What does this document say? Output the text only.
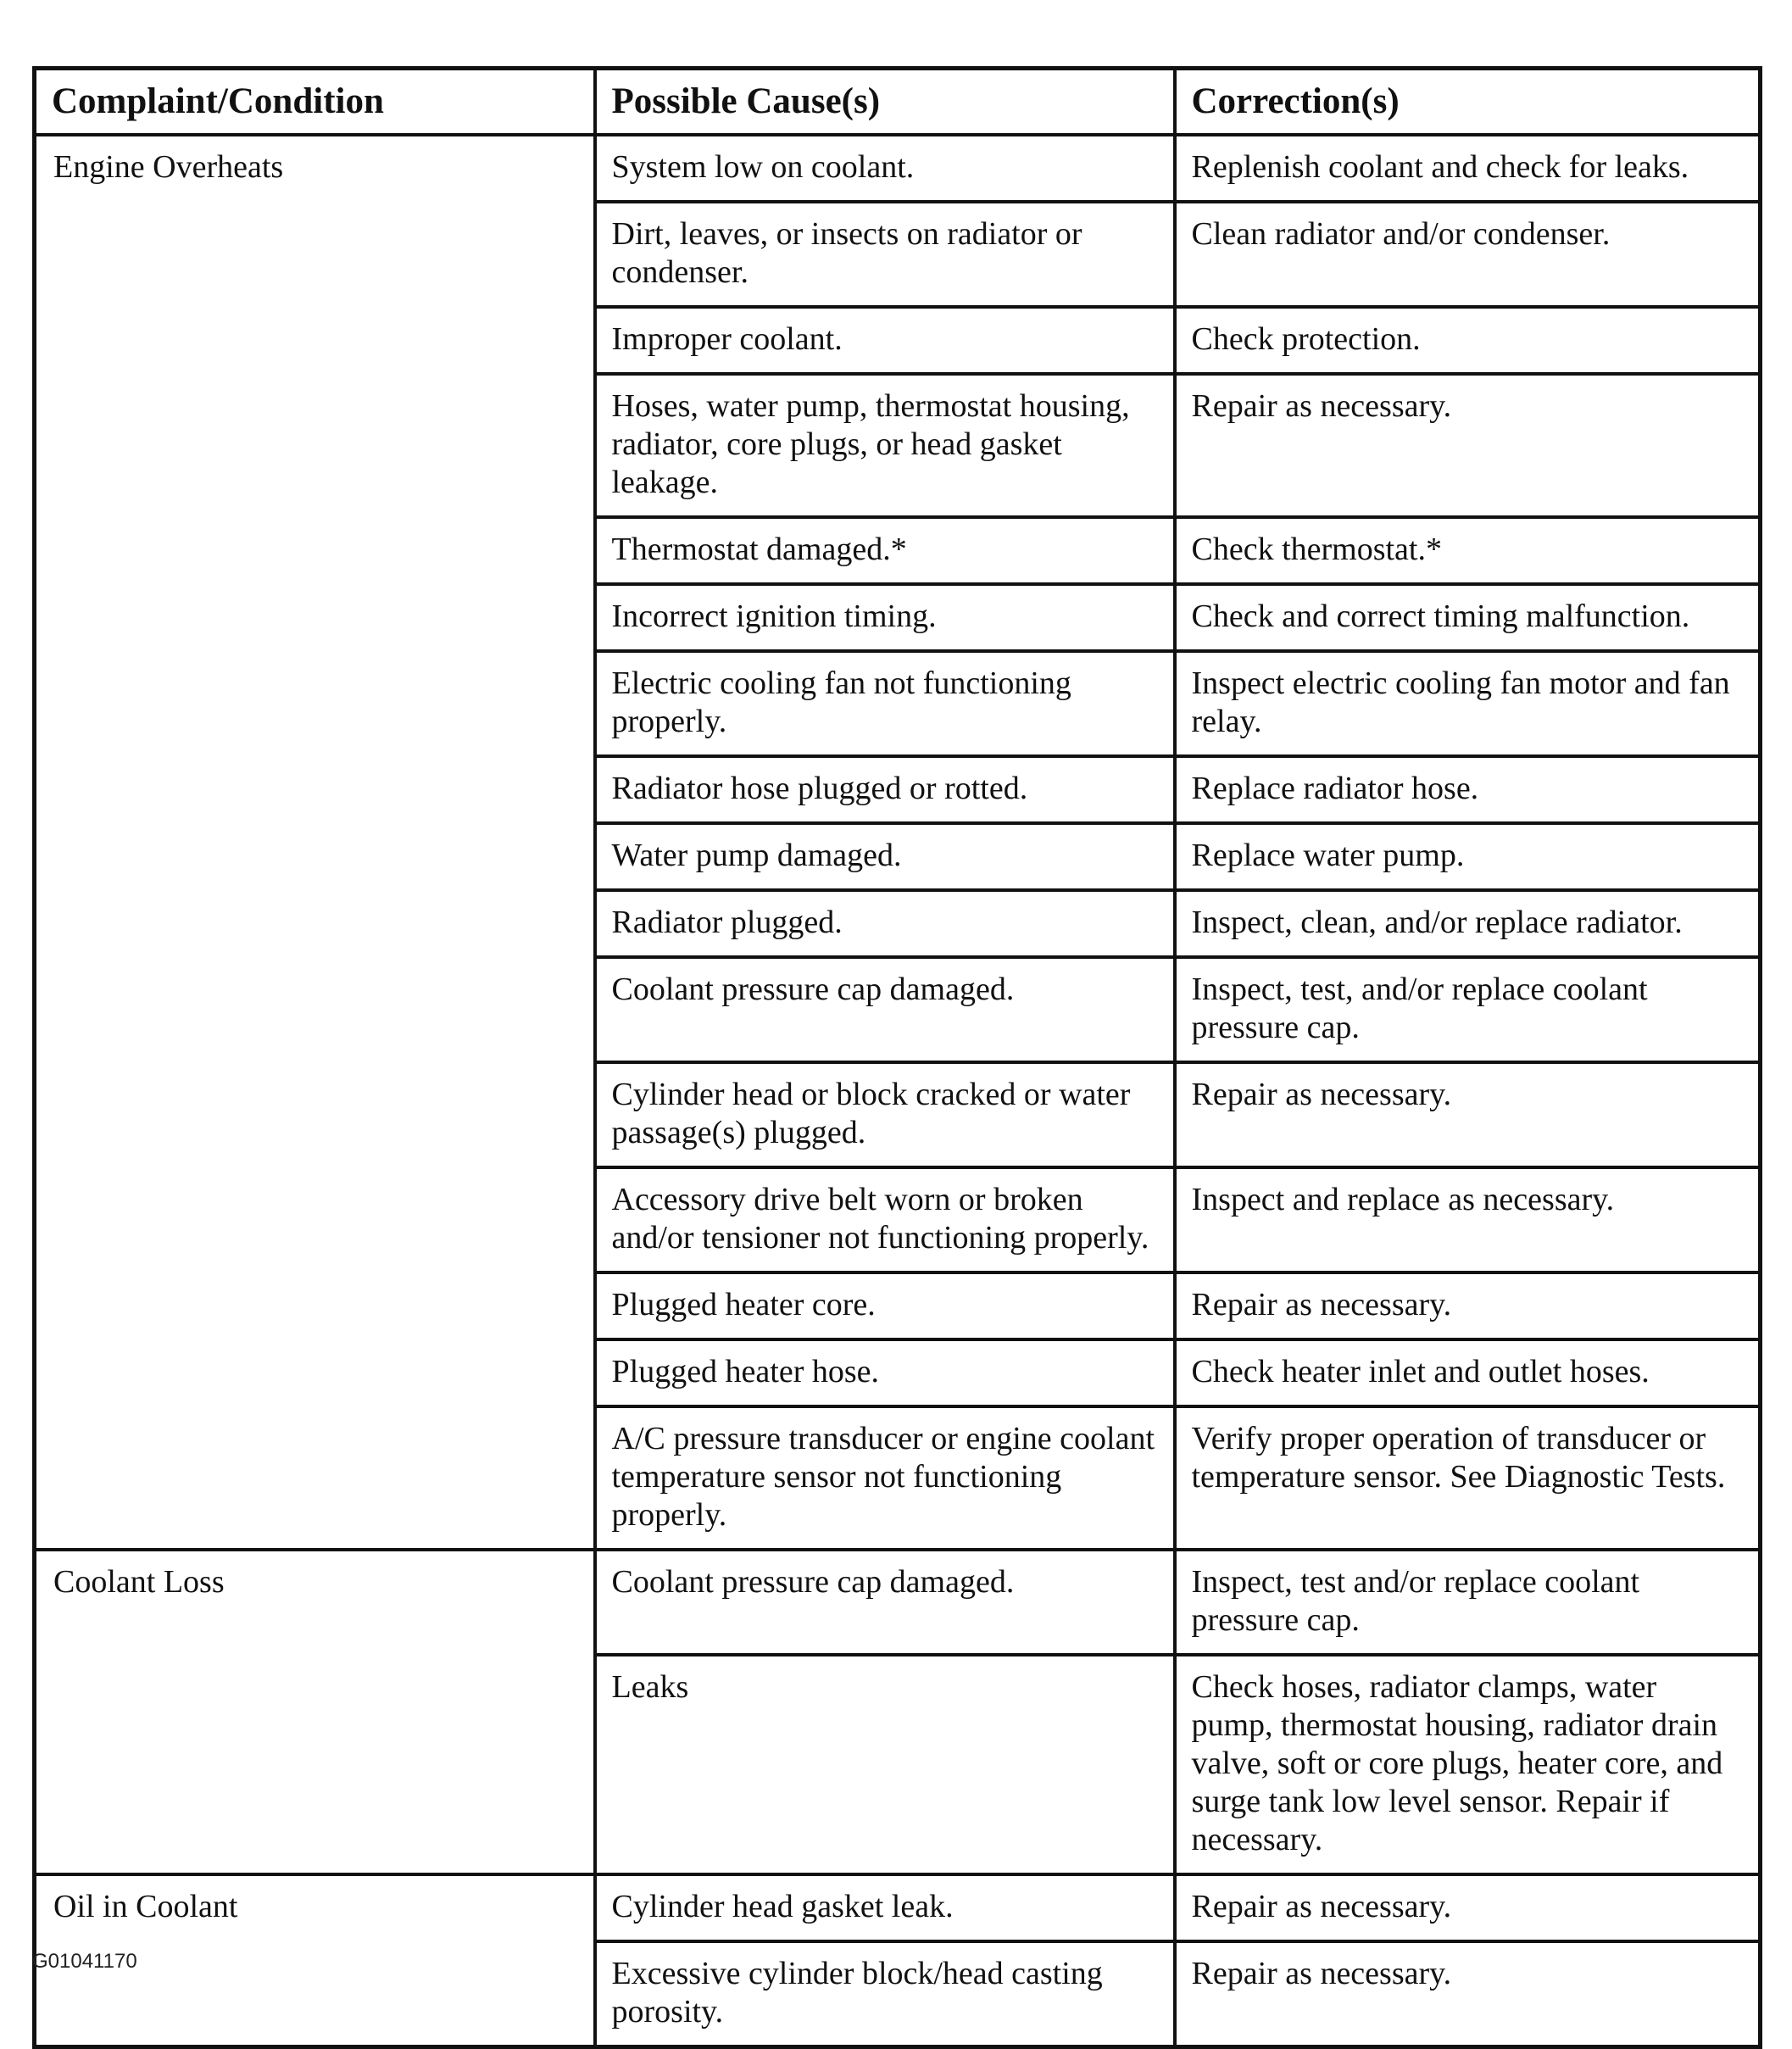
Complaint/Condition	Possible Cause(s)	Correction(s)
Engine Overheats	System low on coolant.	Replenish coolant and check for leaks.
	Dirt, leaves, or insects on radiator or condenser.	Clean radiator and/or condenser.
	Improper coolant.	Check protection.
	Hoses, water pump, thermostat housing, radiator, core plugs, or head gasket leakage.	Repair as necessary.
	Thermostat damaged.*	Check thermostat.*
	Incorrect ignition timing.	Check and correct timing malfunction.
	Electric cooling fan not functioning properly.	Inspect electric cooling fan motor and fan relay.
	Radiator hose plugged or rotted.	Replace radiator hose.
	Water pump damaged.	Replace water pump.
	Radiator plugged.	Inspect, clean, and/or replace radiator.
	Coolant pressure cap damaged.	Inspect, test, and/or replace coolant pressure cap.
	Cylinder head or block cracked or water passage(s) plugged.	Repair as necessary.
	Accessory drive belt worn or broken and/or tensioner not functioning properly.	Inspect and replace as necessary.
	Plugged heater core.	Repair as necessary.
	Plugged heater hose.	Check heater inlet and outlet hoses.
	A/C pressure transducer or engine coolant temperature sensor not functioning properly.	Verify proper operation of transducer or temperature sensor. See Diagnostic Tests.
Coolant Loss	Coolant pressure cap damaged.	Inspect, test and/or replace coolant pressure cap.
	Leaks	Check hoses, radiator clamps, water pump, thermostat housing, radiator drain valve, soft or core plugs, heater core, and surge tank low level sensor. Repair if necessary.
Oil in Coolant	Cylinder head gasket leak.	Repair as necessary.
	Excessive cylinder block/head casting porosity.	Repair as necessary.
G01041170
